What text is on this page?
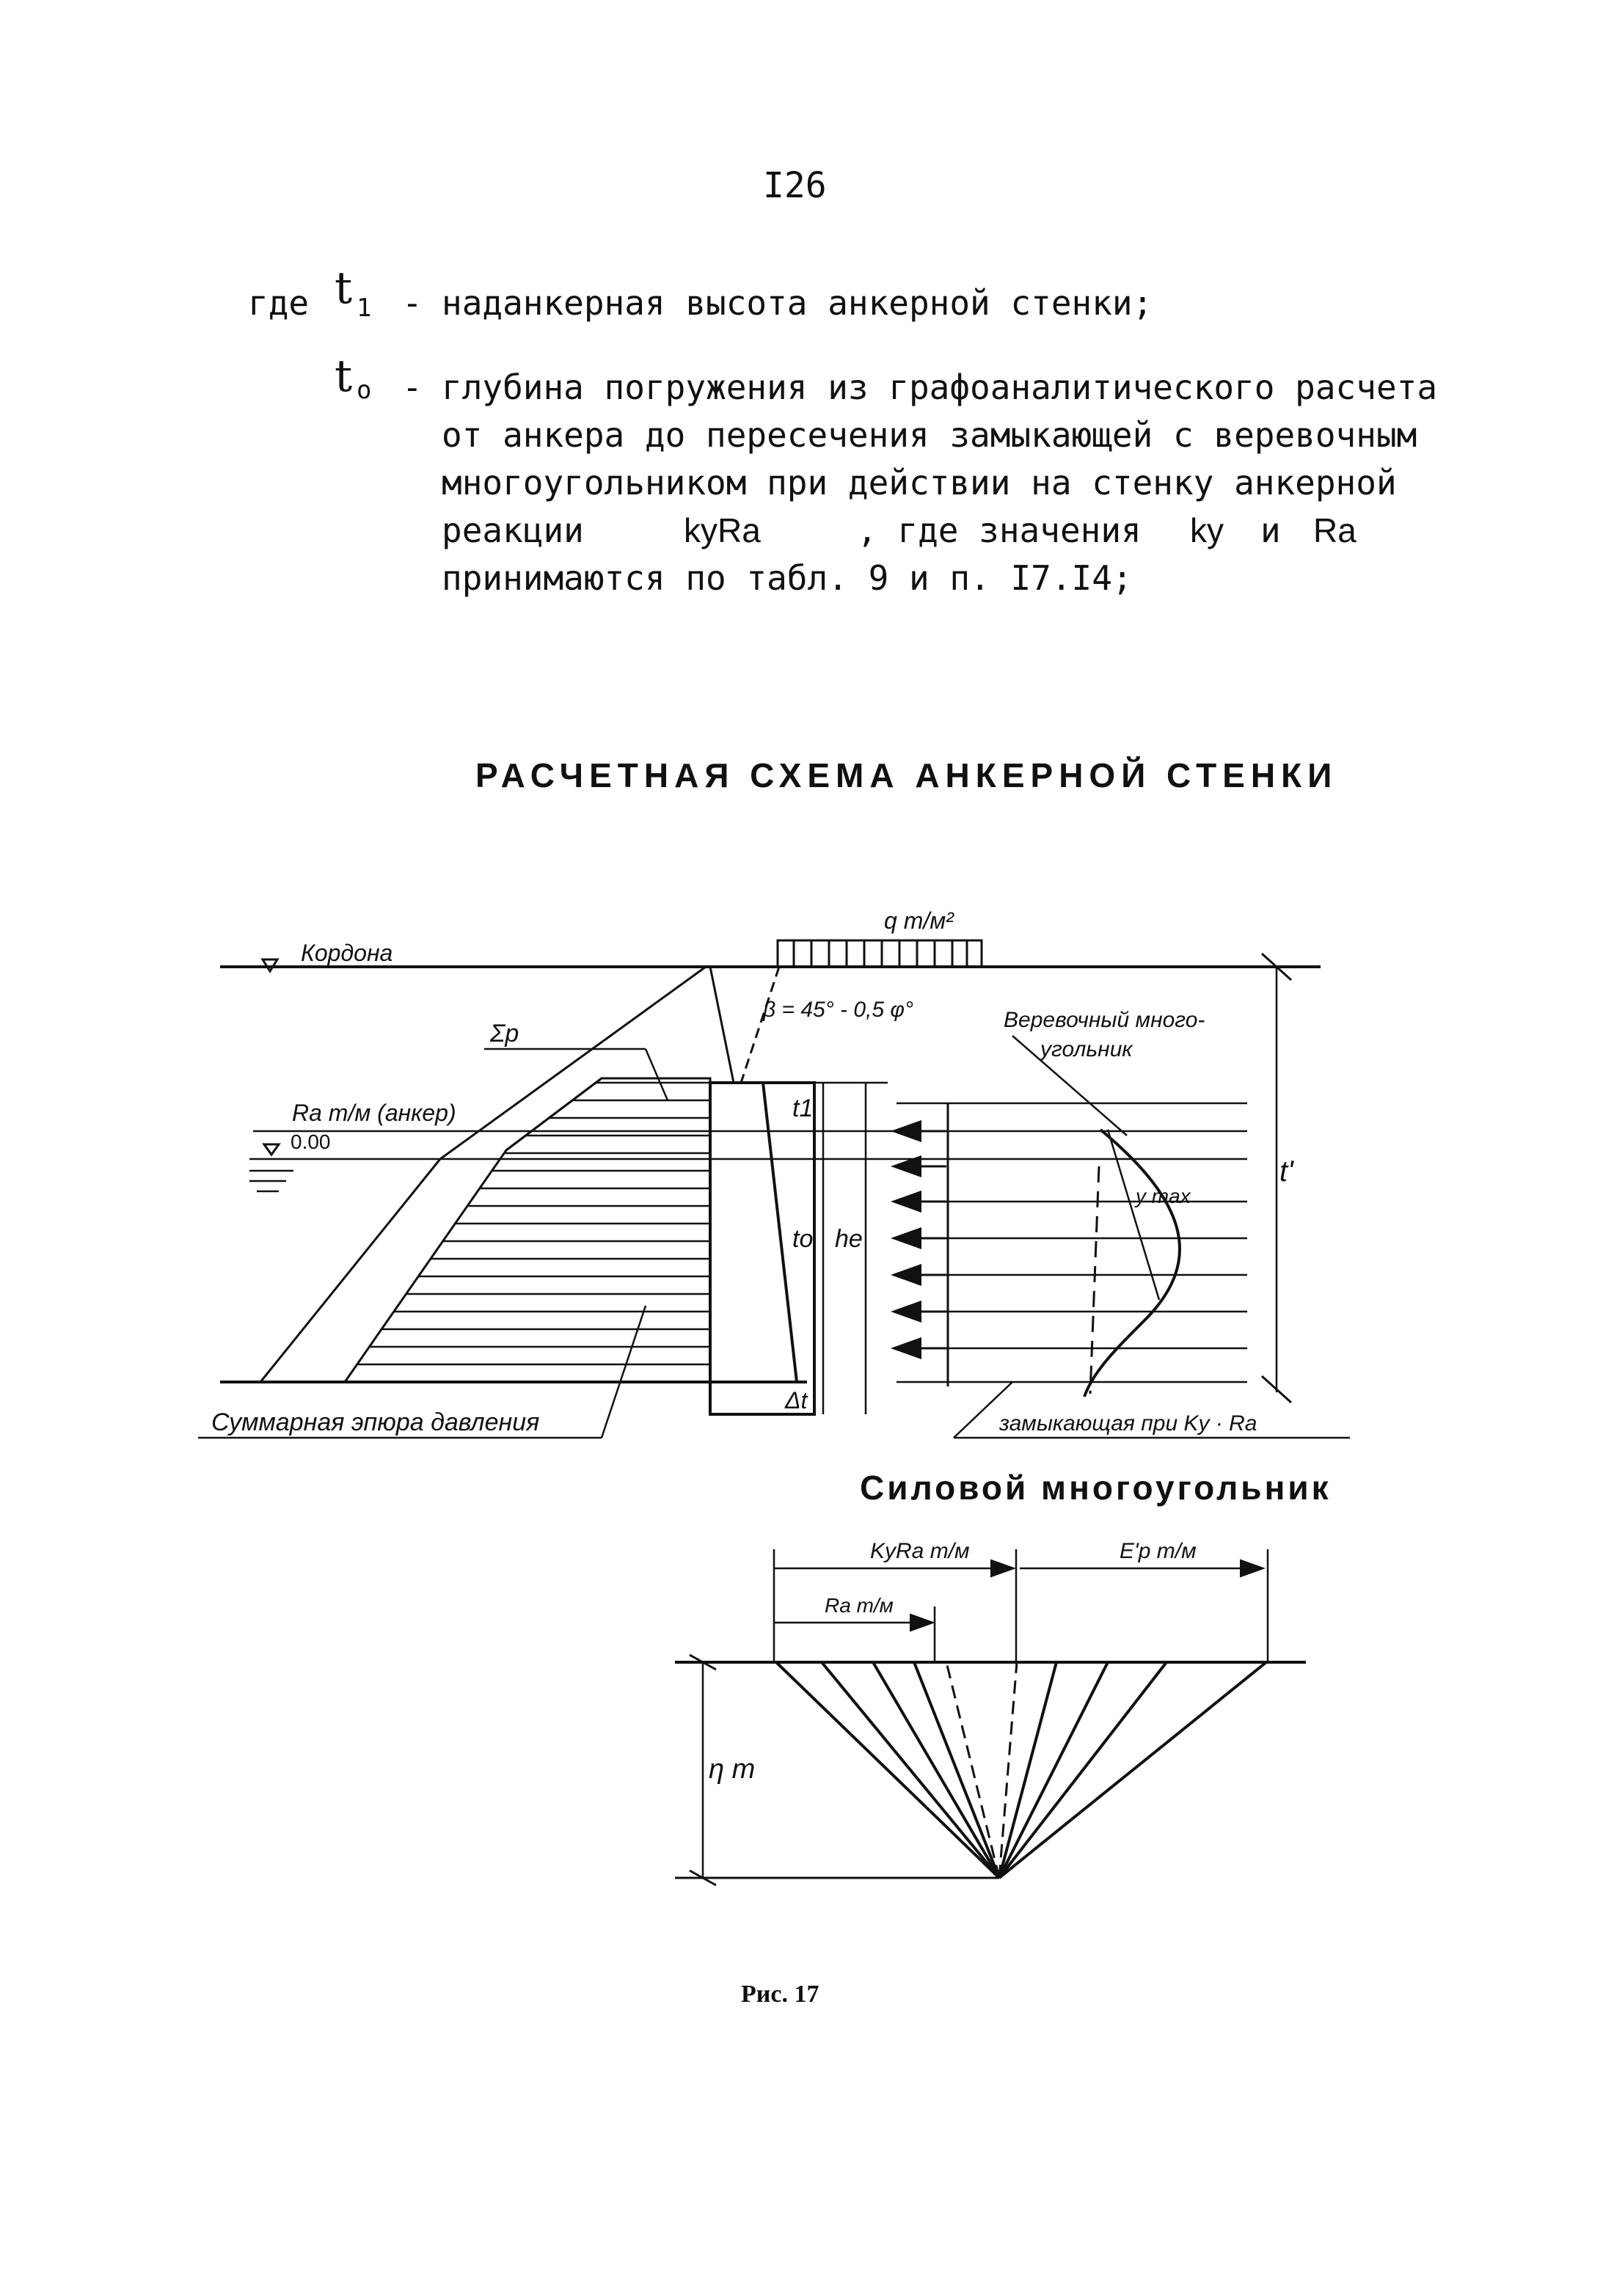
I26
где t 1 - наданкерная высота анкерной стенки;
t o - глубина погружения из графоаналитического расчета
от анкера до пересечения замыкающей с веревочным
многоугольником при действии на стенку анкерной
реакции	kyRa	, где значения ky и Ra
принимаются по табл. 9 и п. I7.I4;
РАСЧЕТНАЯ СХЕМА АНКЕРНОЙ СТЕНКИ
Кордона
q т/м²
Σp
Ra т/м (анкер)
0.00
β = 45° - 0,5 φ°
t1
to he
Δt
y max
Веревочный много-
угольник
t'
Суммарная эпюра давления	замыкающая при Ky · Ra
Силовой многоугольник
KyRa т/м	E'p т/м
Ra т/м
η т
Рис. 17
